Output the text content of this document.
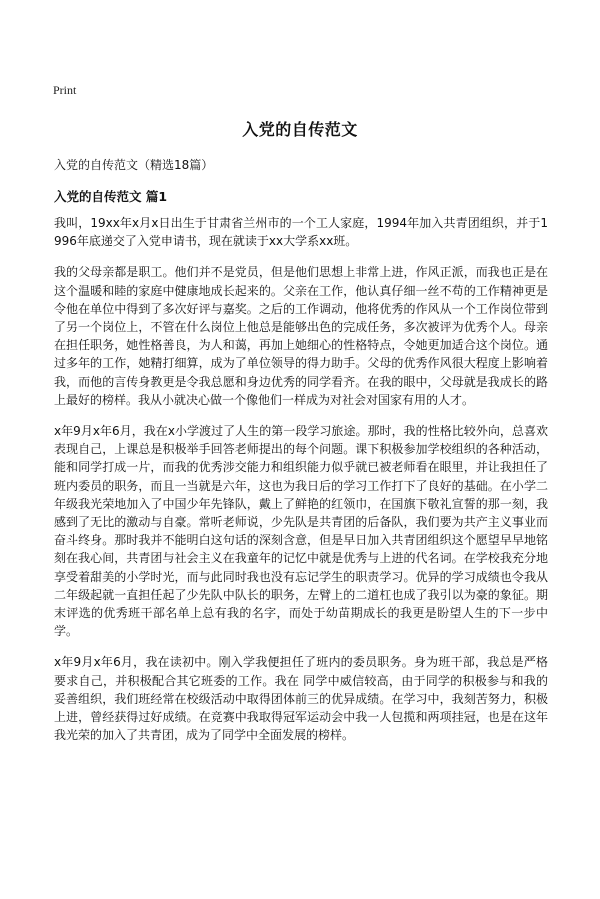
Print
入党的自传范文
入党的自传范文（精选18篇）
入党的自传范文 篇1

我叫，19xx年x月x日出生于甘肃省兰州市的一个工人家庭，1994年加入共青团组织，并于1996年底递交了入党申请书，现在就读于xx大学系xx班。

我的父母亲都是职工。他们并不是党员，但是他们思想上非常上进，作风正派，而我也正是在这个温暖和睦的家庭中健康地成长起来的。父亲在工作，他认真仔细一丝不苟的工作精神更是令他在单位中得到了多次好评与嘉奖。之后的工作调动，他将优秀的作风从一个工作岗位带到了另一个岗位上，不管在什么岗位上他总是能够出色的完成任务，多次被评为优秀个人。母亲在担任职务，她性格善良，为人和蔼，再加上她细心的性格特点，令她更加适合这个岗位。通过多年的工作，她精打细算，成为了单位领导的得力助手。父母的优秀作风很大程度上影响着我，而他的言传身教更是令我总愿和身边优秀的同学看齐。在我的眼中，父母就是我成长的路上最好的榜样。我从小就决心做一个像他们一样成为对社会对国家有用的人才。

x年9月x年6月，我在x小学渡过了人生的第一段学习旅途。那时，我的性格比较外向，总喜欢表现自己，上课总是积极举手回答老师提出的每个问题。课下积极参加学校组织的各种活动，能和同学打成一片，而我的优秀涉交能力和组织能力似乎就已被老师看在眼里，并让我担任了班内委员的职务，而且一当就是六年，这也为我日后的学习工作打下了良好的基础。在小学二年级我光荣地加入了中国少年先锋队，戴上了鲜艳的红领巾，在国旗下敬礼宣誓的那一刻，我感到了无比的激动与自豪。常听老师说，少先队是共青团的后备队，我们要为共产主义事业而奋斗终身。那时我并不能明白这句话的深刻含意，但是早日加入共青团组织这个愿望早早地铭刻在我心间，共青团与社会主义在我童年的记忆中就是优秀与上进的代名词。在学校我充分地享受着甜美的小学时光，而与此同时我也没有忘记学生的职责学习。优异的学习成绩也令我从二年级起就一直担任起了少先队中队长的职务，左臂上的二道杠也成了我引以为豪的象征。期末评选的优秀班干部名单上总有我的名字，而处于幼苗期成长的我更是盼望人生的下一步中学。

x年9月x年6月，我在读初中。刚入学我便担任了班内的委员职务。身为班干部，我总是严格要求自己，并积极配合其它班委的工作。我在 同学中威信较高，由于同学的积极参与和我的妥善组织，我们班经常在校级活动中取得团体前三的优异成绩。在学习中，我刻苦努力，积极上进，曾经获得过好成绩。在竞赛中我取得冠军运动会中我一人包揽和两项挂冠，也是在这年我光荣的加入了共青团，成为了同学中全面发展的榜样。
